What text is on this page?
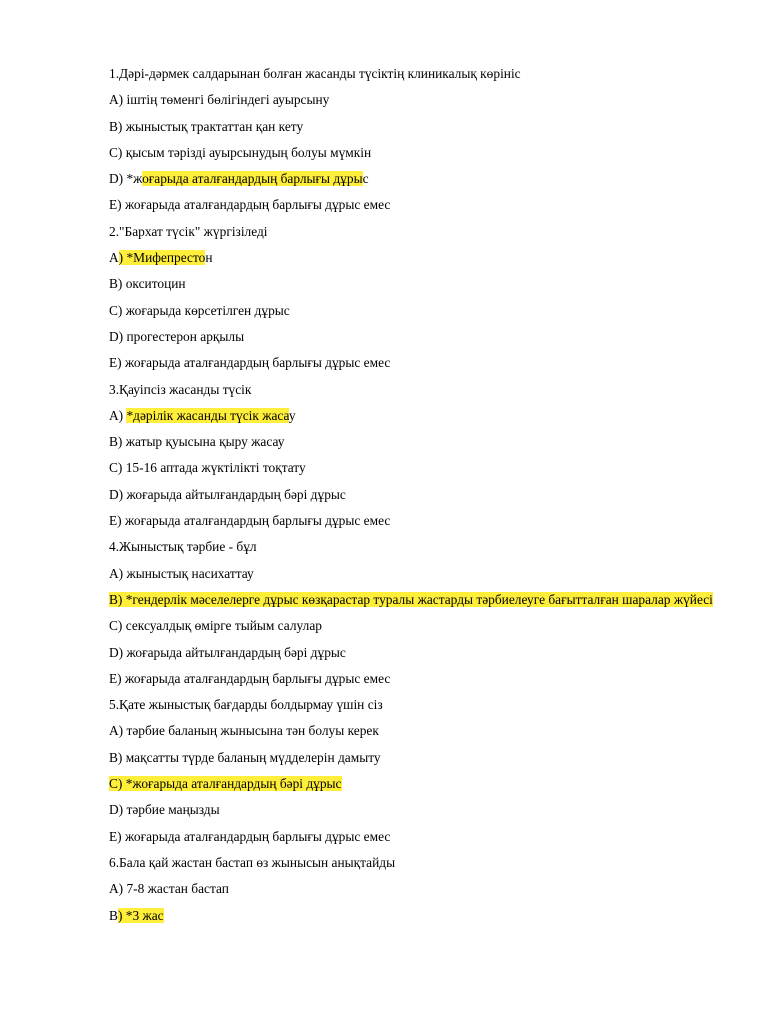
1.Дәрі-дәрмек салдарынан болған жасанды түсіктің клиникалық көрініс
A) іштің төменгі бөлігіндегі ауырсыну
B) жыныстық трактаттан қан кету
C) қысым тәрізді ауырсынудың болуы мүмкін
D) *жоғарыда аталғандардың барлығы дұрыс
E) жоғарыда аталғандардың барлығы дұрыс емес
2."Бархат түсік" жүргізіледі
A) *Мифепрестон
B) окситоцин
C) жоғарыда көрсетілген дұрыс
D) прогестерон арқылы
E) жоғарыда аталғандардың барлығы дұрыс емес
3.Қауіпсіз жасанды түсік
A) *дәрілік жасанды түсік жасау
B) жатыр қуысына қыру жасау
C) 15-16 аптада жүктілікті тоқтату
D) жоғарыда айтылғандардың бәрі дұрыс
E) жоғарыда аталғандардың барлығы дұрыс емес
4.Жыныстық тәрбие - бұл
A) жыныстық насихаттау
B) *гендерлік мәселелерге дұрыс көзқарастар туралы жастарды тәрбиелеуге бағытталған шаралар жүйесі
C) сексуалдық өмірге тыйым салулар
D) жоғарыда айтылғандардың бәрі дұрыс
E) жоғарыда аталғандардың барлығы дұрыс емес
5.Қате жыныстық бағдарды болдырмау үшін сіз
A) тәрбие баланың жынысына тән болуы керек
B) мақсатты түрде баланың мүдделерін дамыту
C) *жоғарыда аталғандардың бәрі дұрыс
D) тәрбие маңызды
E) жоғарыда аталғандардың барлығы дұрыс емес
6.Бала қай жастан бастап өз жынысын анықтайды
A) 7-8 жастан бастап
B) *3 жас
